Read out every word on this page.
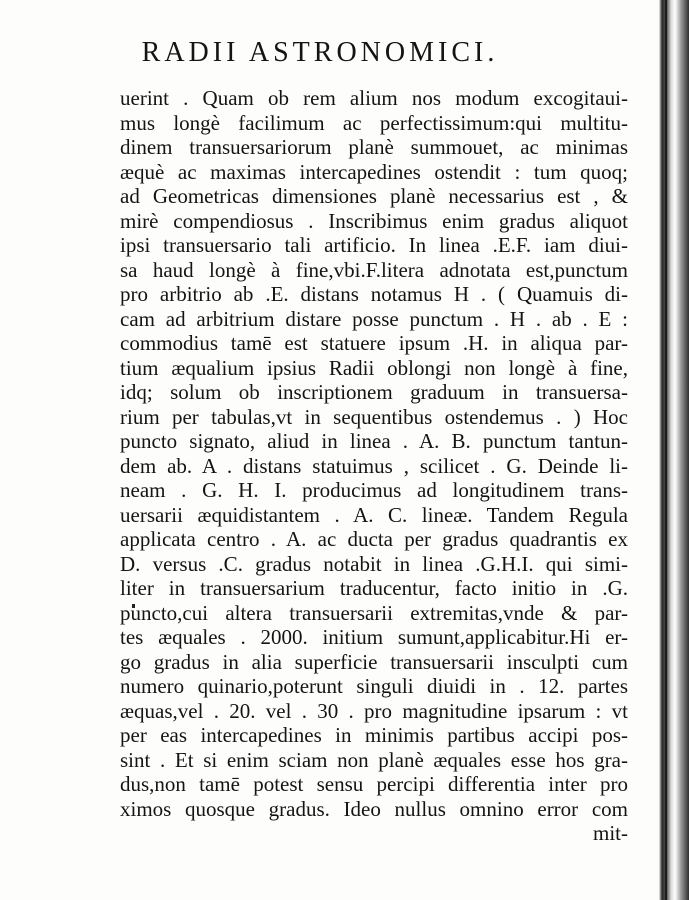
RADII ASTRONOMICI.
uerint . Quam ob rem alium nos modum excogitaui-
mus longè facilimum ac perfectissimum:qui multitu-
dinem transuersariorum planè summouet, ac minimas
æquè ac maximas intercapedines ostendit : tum quoq;
ad Geometricas dimensiones planè necessarius est , &
mirè compendiosus . Inscribimus enim gradus aliquot
ipsi transuersario tali artificio. In linea .E.F. iam diui-
sa haud longè à fine,vbi.F.litera adnotata est,punctum
pro arbitrio ab .E. distans notamus H . ( Quamuis di-
cam ad arbitrium distare posse punctum . H . ab . E :
commodius tamē est statuere ipsum .H. in aliqua par-
tium æqualium ipsius Radii oblongi non longè à fine,
idq; solum ob inscriptionem graduum in transuersa-
rium per tabulas,vt in sequentibus ostendemus . ) Hoc
puncto signato, aliud in linea . A. B. punctum tantun-
dem ab. A . distans statuimus , scilicet . G. Deinde li-
neam . G. H. I. producimus ad longitudinem trans-
uersarii æquidistantem . A. C. lineæ. Tandem Regula
applicata centro . A. ac ducta per gradus quadrantis ex
D. versus .C. gradus notabit in linea .G.H.I. qui simi-
liter in transuersarium traducentur, facto initio in .G.
puncto,cui altera transuersarii extremitas,vnde & par-
tes æquales . 2000. initium sumunt,applicabitur.Hi er-
go gradus in alia superficie transuersarii insculpti cum
numero quinario,poterunt singuli diuidi in . 12. partes
æquas,vel . 20. vel . 30 . pro magnitudine ipsarum : vt
per eas intercapedines in minimis partibus accipi pos-
sint . Et si enim sciam non planè æquales esse hos gra-
dus,non tamē potest sensu percipi differentia inter pro
ximos quosque gradus. Ideo nullus omnino error com
mit-
